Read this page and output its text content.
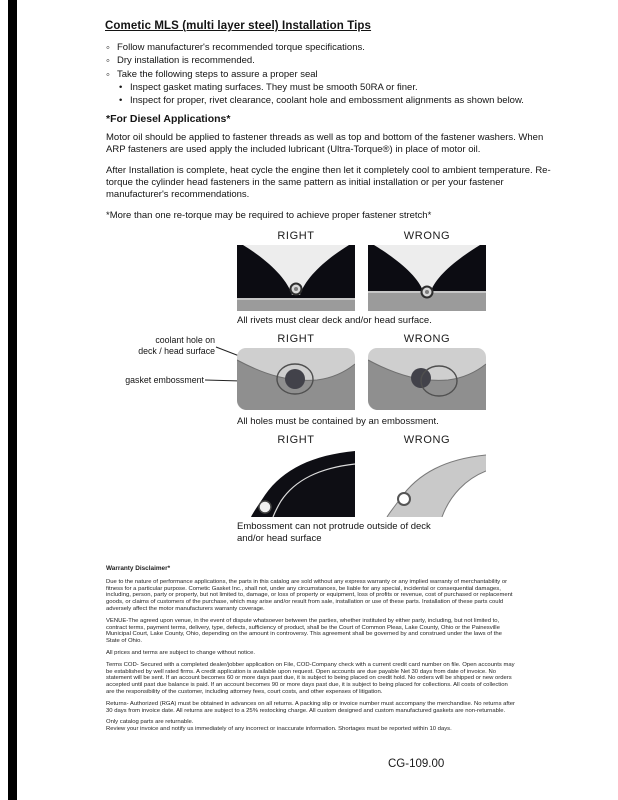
Cometic MLS (multi layer steel) Installation Tips
◦
Follow manufacturer's recommended torque specifications.
◦
Dry installation is recommended.
◦
Take the following steps to assure a proper seal
•
Inspect gasket mating surfaces. They must be smooth 50RA or finer.
•
Inspect for proper, rivet clearance, coolant hole and embossment alignments as shown below.
*For Diesel Applications*

Motor oil should be applied to fastener threads as well as top and bottom of the fastener washers. When ARP fasteners are used apply the included lubricant (Ultra-Torque®) in place of motor oil.

After Installation is complete, heat cycle the engine then let it completely cool to ambient temperature. Re-torque the cylinder head fasteners in the same pattern as initial installation or per your fastener manufacturer's recommendations.

*More than one re-torque may be required to achieve proper fastener stretch*

RIGHT	WRONG
All rivets must clear deck and/or head surface.
RIGHT	WRONG
coolant hole on
deck / head surface
gasket embossment
All holes must be contained by an embossment.
RIGHT	WRONG
Embossment can not protrude outside of deck and/or head surface
Warranty Disclaimer*

Due to the nature of performance applications, the parts in this catalog are sold without any express warranty or any implied warranty of merchantability or fitness for a particular purpose. Cometic Gasket Inc., shall not, under any circumstances, be liable for any special, incidental or consequential damages, including, person, party or property, but not limited to, damage, or loss of property or equipment, loss of profits or revenue, cost of purchased or replacement goods, or claims of customers of the purchase, which may arise and/or result from sale, installation or use of these parts. Installation of these parts could adversely affect the motor manufacturers warranty coverage.

VENUE-The agreed upon venue, in the event of dispute whatsoever between the parties, whether instituted by either party, including, but not limited to, contract terms, payment terms, delivery, type, defects, sufficiency of product, shall be the Court of Common Pleas, Lake County, Ohio or the Painesville Municipal Court, Lake County, Ohio, depending on the amount in controversy. This agreement shall be governed by and construed under the laws of the State of Ohio.

All prices and terms are subject to change without notice.

Terms COD- Secured with a completed dealer/jobber application on File, COD-Company check with a current credit card number on file. Open accounts may be established by well rated firms. A credit application is available upon request. Open accounts are due payable Net 30 days from date of invoice. No statement will be sent. If an account becomes 60 or more days past due, it is subject to being placed on credit hold. No orders will be shipped or new orders accepted until past due balance is paid. If an account becomes 90 or more days past due, it is subject to being placed for collections. All costs of collection are the responsibility of the customer, including attorney fees, court costs, and other expenses of litigation.

Returns- Authorized (RGA) must be obtained in advances on all returns. A packing slip or invoice number must accompany the merchandise. No returns after 30 days from invoice date. All returns are subject to a 25% restocking charge. All custom designed and custom manufactured gaskets are non-returnable.

Only catalog parts are returnable.

Review your invoice and notify us immediately of any incorrect or inaccurate information. Shortages must be reported within 10 days.

CG-109.00
